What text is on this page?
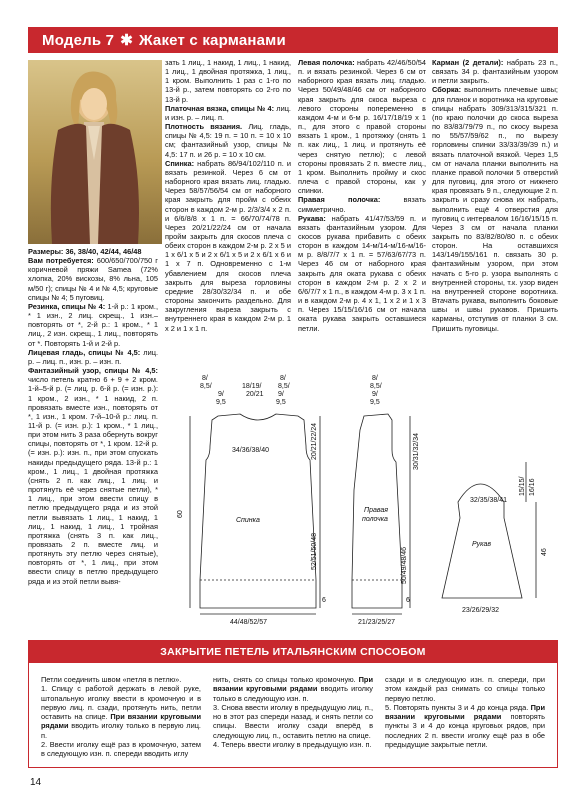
Модель 7 ✱ Жакет с карманами

Размеры: 36, 38/40, 42/44, 46/48

Вам потребуется: 600/650/700/750 г коричневой пряжи Samea (72% хлопка, 20% вискозы, 8% льна, 105 м/50 г); спицы № 4 и № 4,5; круговые спицы № 4; 5 пуговиц.

Резинка, спицы № 4: 1-й р.: 1 кром., * 1 изн., 2 лиц. скрещ., 1 изн.– повторять от *, 2-й р.: 1 кром., * 1 лиц., 2 изн. скрещ., 1 лиц., повторять от *. Повторять 1-й и 2-й р.

Лицевая гладь, спицы № 4,5: лиц. р. – лиц. п., изн. р. – изн. п.

Фантазийный узор, спицы № 4,5: число петель кратно 6 + 9 + 2 кром. 1-й–5-й р. (= лиц. р. 6-й р. (= изн. р.): 1 кром., 2 изн., * 1 накид, 2 п. провязать вместе изн., повторять от *, 1 изн., 1 кром. 7-й–10-й р.: лиц. п. 11-й р. (= изн. р.): 1 кром., * 1 лиц., при этом нить 3 раза обернуть вокруг спицы, повторять от *, 1 кром. 12-й р. (= изн. р.): изн. п., при этом спускать накиды предыдущего ряда. 13-й р.: 1 кром., 1 лиц., 1 двойная протяжка (снять 2 п. как лиц., 1 лиц. и протянуть её через снятые петли), * 1 лиц., при этом ввести спицу в петлю предыдущего ряда и из этой петли вывязать 1 лиц., 1 накид, 1 лиц., 1 накид, 1 лиц., 1 тройная протяжка (снять 3 п. как лиц., провязать 2 п. вместе лиц. и протянуть эту петлю через снятые), повторять от *, 1 лиц., при этом ввести спицу в петлю предыдущего ряда и из этой петли вывя-

зать 1 лиц., 1 накид, 1 лиц., 1 накид, 1 лиц., 1 двойная протяжка, 1 лиц., 1 кром. Выполнить 1 раз с 1-го по 13-й р., затем повторять со 2-го по 13-й р.

Платочная вязка, спицы № 4: лиц. и изн. р. – лиц. п.

Плотность вязания. Лиц. гладь, спицы № 4,5: 19 п. = 10 п. = 10 x 10 см; фантазийный узор, спицы № 4,5: 17 п. и 26 р. = 10 x 10 см.

Спинка: набрать 86/94/102/110 п. и вязать резинкой. Через 6 см от наборного края вязать лиц. гладью. Через 58/57/56/54 см от наборного края закрыть для пройм с обеих сторон в каждом 2-м р. 2/3/3/4 x 2 п. и 6/6/8/8 x 1 п. = 66/70/74/78 п. Через 20/21/22/24 см от начала пройм закрыть для скосов плеча с обеих сторон в каждом 2-м р. 2 x 5 и 1 x 6/1 x 5 и 2 x 6/1 x 5 и 2 x 6/1 x 6 и 1 x 7 п. Одновременно с 1-м убавлением для скосов плеча закрыть для выреза горловины средние 28/30/32/34 п. и обе стороны закончить раздельно. Для закругления выреза закрыть с внутреннего края в каждом 2-м р. 1 x 2 и 1 x 1 п.

Левая полочка: набрать 42/46/50/54 п. и вязать резинкой. Через 6 см от наборного края вязать лиц. гладью. Через 50/49/48/46 см от наборного края закрыть для скоса выреза с левого стороны попеременно в каждом 4-м и 6-м р. 16/17/18/19 x 1 п., для этого с правой стороны вязать 1 кром., 1 протяжку (снять 1 п. как лиц., 1 лиц. и протянуть её через снятую петлю); с левой стороны провязать 2 п. вместе лиц., 1 кром. Выполнить пройму и скос плеча с правой стороны, как у спинки.

Правая полочка: вязать симметрично.

Рукава: набрать 41/47/53/59 п. и вязать фантазийным узором. Для скосов рукава прибавить с обеих сторон в каждом 14-м/14-м/16-м/16-м р. 8/8/7/7 x 1 п. = 57/63/67/73 п. Через 46 см от наборного края закрыть для оката рукава с обеих сторон в каждом 2-м р. 2 x 2 и 6/6/7/7 x 1 п., в каждом 4-м р. 3 x 1 п. и в каждом 2-м р. 4 x 1, 1 x 2 и 1 x 3 п. Через 15/15/16/16 см от начала оката рукава закрыть оставшиеся петли.

Карман (2 детали): набрать 23 п., связать 34 р. фантазийным узором и петли закрыть.

Сборка: выполнить плечевые швы; для планок и воротника на круговые спицы набрать 309/313/315/321 п. (по краю полочки до скоса выреза по 83/83/79/79 п., по скосу выреза по 55/57/59/62 п., по вырезу горловины спинки 33/33/39/39 п.) и вязать платочной вязкой. Через 1,5 см от начала планки выполнить на планке правой полочки 5 отверстий для пуговиц, для этого от нижнего края провязать 9 п., следующие 2 п. закрыть и сразу снова их набрать, выполнить ещё 4 отверстия для пуговиц с интервалом 16/16/15/15 п. Через 3 см от начала планки закрыть по 83/82/80/80 п. с обеих сторон. На оставшихся 143/149/155/161 п. связать 30 р. фантазийным узором, при этом начать с 5-го р. узора выполнять с внутренней стороны, т.к. узор виден на внутренней стороне воротника. Втачать рукава, выполнить боковые швы и швы рукавов. Пришить карманы, отступив от планки 3 см. Пришить пуговицы.

8/
8,5/
9/
9,5
18/19/
20/21
8/
8,5/
9/
9,5
34/36/38/40
Спинка
44/48/52/57
60
20/21/22/24
52/51/50/48
6
8/
8,5/
9/
9,5
Правая
полочка
21/23/25/27
30/31/32/34
50/49/48/46
6
32/35/38/41
Рукав
23/26/29/32
15/15/ 16/16
46
ЗАКРЫТИЕ ПЕТЕЛЬ ИТАЛЬЯНСКИМ СПОСОБОМ

Петли соединить швом «петля в петлю».

1. Спицу с работой держать в левой руке, штопальную иголку ввести в кромочную и в первую лиц. п. сзади, протянуть нить, петли оставить на спице. При вязании круговыми рядами вводить иголку только в первую лиц. п.

2. Ввести иголку ещё раз в кромочную, затем в следующую изн. п. спереди вводить иглу

нить, снять со спицы только кромочную. При вязании круговыми рядами вводить иголку только в следующую изн. п.

3. Снова ввести иголку в предыдущую лиц. п., но в этот раз спереди назад, и снять петли со спицы. Ввести иголку сзади вперёд в следующую лиц. п., оставить петлю на спице.

4. Теперь ввести иголку в предыдущую изн. п.

сзади и в следующую изн. п. спереди, при этом каждый раз снимать со спицы только первую петлю.

5. Повторять пункты 3 и 4 до конца ряда. При вязании круговыми рядами повторять пункты 3 и 4 до конца круговых рядов, при последних 2 п. ввести иголку ещё раз в обе предыдущие закрытые петли.

14
